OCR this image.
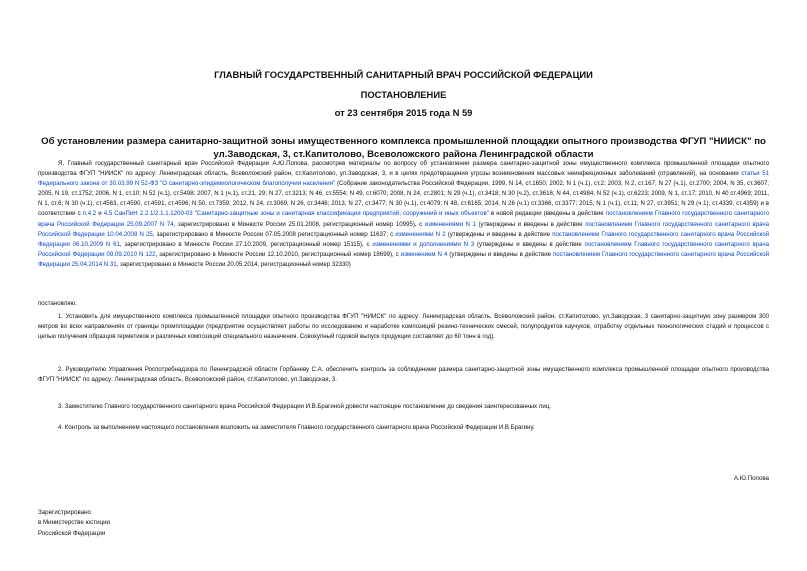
ГЛАВНЫЙ ГОСУДАРСТВЕННЫЙ САНИТАРНЫЙ ВРАЧ РОССИЙСКОЙ ФЕДЕРАЦИИ
ПОСТАНОВЛЕНИЕ
от 23 сентября 2015 года N 59
Об установлении размера санитарно-защитной зоны имущественного комплекса промышленной площадки опытного производства ФГУП "НИИСК" по ул.Заводская, 3, ст.Капитолово, Всеволожского района Ленинградской области
Я, Главный государственный санитарный врач Российской Федерации А.Ю.Попова, рассмотрев материалы по вопросу об установлении размера санитарно-защитной зоны имущественного комплекса промышленной площадки опытного производства ФГУП "НИИСК" по адресу: Ленинградская область, Всеволожский район, ст.Капитолово, ул.Заводская, 3, и в целях предотвращения угрозы возникновения массовых неинфекционных заболеваний (отравлений), на основании статьи 51 Федерального закона от 30.03.99 N 52-ФЗ "О санитарно-эпидемиологическом благополучии населения" (Собрание законодательства Российской Федерации, 1999, N 14, ст.1650; 2002, N 1 (ч.1), ст.2; 2003, N 2, ст.167; N 27 (ч.1), ст.2700; 2004, N 35, ст.3607; 2005, N 19, ст.1752; 2006, N 1, ст.10; N 52 (ч.1), ст.5498; 2007, N 1 (ч.1), ст.21, 29; N 27, ст.3213; N 46, ст.5554; N 49, ст.6070; 2008, N 24, ст.2801; N 29 (ч.1), ст.3418; N 30 (ч.2), ст.3616; N 44, ст.4984; N 52 (ч.1), ст.6223; 2009, N 1, ст.17; 2010, N 40 ст.4969; 2011, N 1, ст.6; N 30 (ч.1), ст.4563, ст.4590, ст.4591, ст.4596; N 50, ст.7359; 2012, N 24, ст.3069; N 26, ст.3446; 2013, N 27, ст.3477; N 30 (ч.1), ст.4079; N 48, ст.6165; 2014, N 26 (ч.1) ст.3366, ст.3377; 2015, N 1 (ч.1), ст.11; N 27, ст.3951; N 29 (ч.1), ст.4339, ст.4359) и в соответствии с п.4.2 и 4.5 СанПиН 2.2.1/2.1.1.1200-03 "Санитарно-защитные зоны и санитарная классификация предприятий, сооружений и иных объектов" в новой редакции (введены в действие постановлением Главного государственного санитарного врача Российской Федерации 25.09.2007 N 74, зарегистрировано в Минюсте России 25.01.2008, регистрационный номер 10995), с изменениями N 1 (утверждены и введены в действие постановлением Главного государственного санитарного врача Российской Федерации 10.04.2008 N 25, зарегистрировано в Минюсте России 07.05.2008 регистрационный номер 11637; с изменениями N 2 (утверждены и введены в действие постановлением Главного государственного санитарного врача Российской Федерации 06.10.2009 N 61, зарегистрировано в Минюсте России 27.10.2009, регистрационный номер 15115), с изменениями и дополнениями N 3 (утверждены и введены в действие постановлением Главного государственного санитарного врача Российской Федерации 09.09.2010 N 122, зарегистрировано в Минюсте России 12.10.2010, регистрационный номер 18699), с изменением N 4 (утверждены и введены в действие постановлением Главного государственного санитарного врача Российской Федерации 25.04.2014 N 31, зарегистрировано в Минюсте России 20.05.2014, регистрационный номер 32330)
постановляю:
1. Установить для имущественного комплекса промышленной площадки опытного производства ФГУП "НИИСК" по адресу: Ленинградская область, Всеволожский район, ст.Капитолово, ул.Заводская, 3 санитарно-защитную зону размером 300 метров во всех направлениях от границы промплощадки (предприятие осуществляет работы по исследованию и наработке композиций резино-технических смесей, полупродуктов каучуков, отработку отдельных технологических стадий и процессов с целью получения образцов герметиков и различных композиций специального назначения. Совокупный годовой выпуск продукции составляет до 60 тонн в год).
2. Руководителю Управления Роспотребнадзора по Ленинградской области Горбаневу С.А. обеспечить контроль за соблюдением размера санитарно-защитной зоны имущественного комплекса промышленной площадки опытного производства ФГУП "НИИСК" по адресу: Ленинградская область, Всеволожский район, ст.Капитолово, ул.Заводская, 3.
3. Заместителю Главного государственного санитарного врача Российской Федерации И.В.Брагиной довести настоящее постановление до сведения заинтересованных лиц.
4. Контроль за выполнением настоящего постановления возложить на заместителя Главного государственного санитарного врача Российской Федерации И.В.Брагину.
А.Ю.Попова
Зарегистрировано
в Министерстве юстиции
Российской Федерации
